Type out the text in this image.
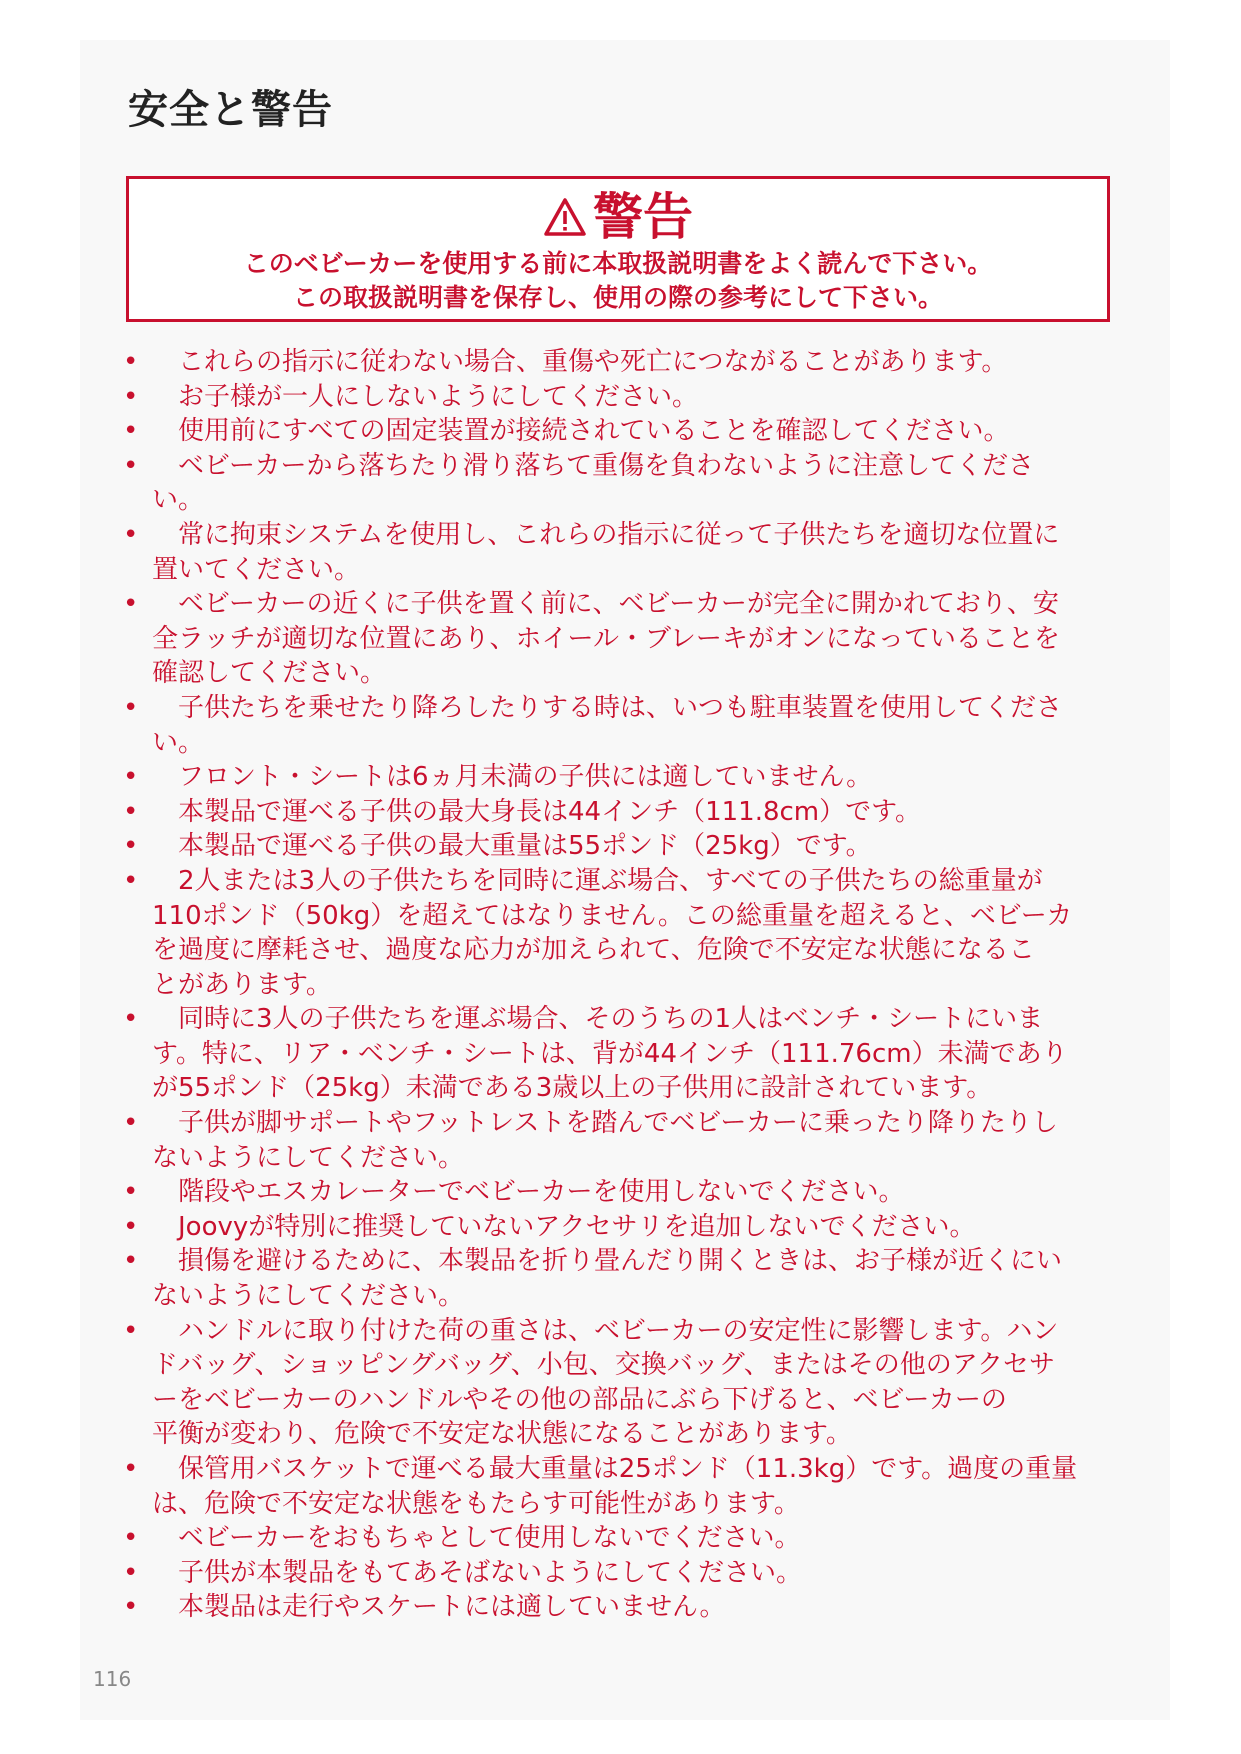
安全と警告
警告
このベビーカーを使用する前に本取扱説明書をよく読んで下さい。
この取扱説明書を保存し、使用の際の参考にして下さい。
• 　これらの指示に従わない場合、重傷や死亡につながることがあります。
• 　お子様が一人にしないようにしてください。
• 　使用前にすべての固定装置が接続されていることを確認してください。
• 　ベビーカーから落ちたり滑り落ちて重傷を負わないように注意してくださ
い。
• 　常に拘束システムを使用し、これらの指示に従って子供たちを適切な位置に
置いてください。
• 　ベビーカーの近くに子供を置く前に、ベビーカーが完全に開かれており、安
全ラッチが適切な位置にあり、ホイール・ブレーキがオンになっていることを
確認してください。
• 　子供たちを乗せたり降ろしたりする時は、いつも駐車装置を使用してくださ
い。
• 　フロント・シートは6ヵ月未満の子供には適していません。
• 　本製品で運べる子供の最大身長は44インチ（111.8cm）です。
• 　本製品で運べる子供の最大重量は55ポンド（25kg）です。
• 　2人または3人の子供たちを同時に運ぶ場合、すべての子供たちの総重量が
110ポンド（50kg）を超えてはなりません。この総重量を超えると、ベビーカ
を過度に摩耗させ、過度な応力が加えられて、危険で不安定な状態になるこ
とがあります。
• 　同時に3人の子供たちを運ぶ場合、そのうちの1人はベンチ・シートにいま
す。特に、リア・ベンチ・シートは、背が44インチ（111.76cm）未満であり
が55ポンド（25kg）未満である3歳以上の子供用に設計されています。
• 　子供が脚サポートやフットレストを踏んでベビーカーに乗ったり降りたりし
ないようにしてください。
• 　階段やエスカレーターでベビーカーを使用しないでください。
• 　Joovyが特別に推奨していないアクセサリを追加しないでください。
• 　損傷を避けるために、本製品を折り畳んだり開くときは、お子様が近くにい
ないようにしてください。
• 　ハンドルに取り付けた荷の重さは、ベビーカーの安定性に影響します。ハン
ドバッグ、ショッピングバッグ、小包、交換バッグ、またはその他のアクセサ
ーをベビーカーのハンドルやその他の部品にぶら下げると、ベビーカーの
平衡が変わり、危険で不安定な状態になることがあります。
• 　保管用バスケットで運べる最大重量は25ポンド（11.3kg）です。過度の重量
は、危険で不安定な状態をもたらす可能性があります。
• 　ベビーカーをおもちゃとして使用しないでください。
• 　子供が本製品をもてあそばないようにしてください。
• 　本製品は走行やスケートには適していません。
116
